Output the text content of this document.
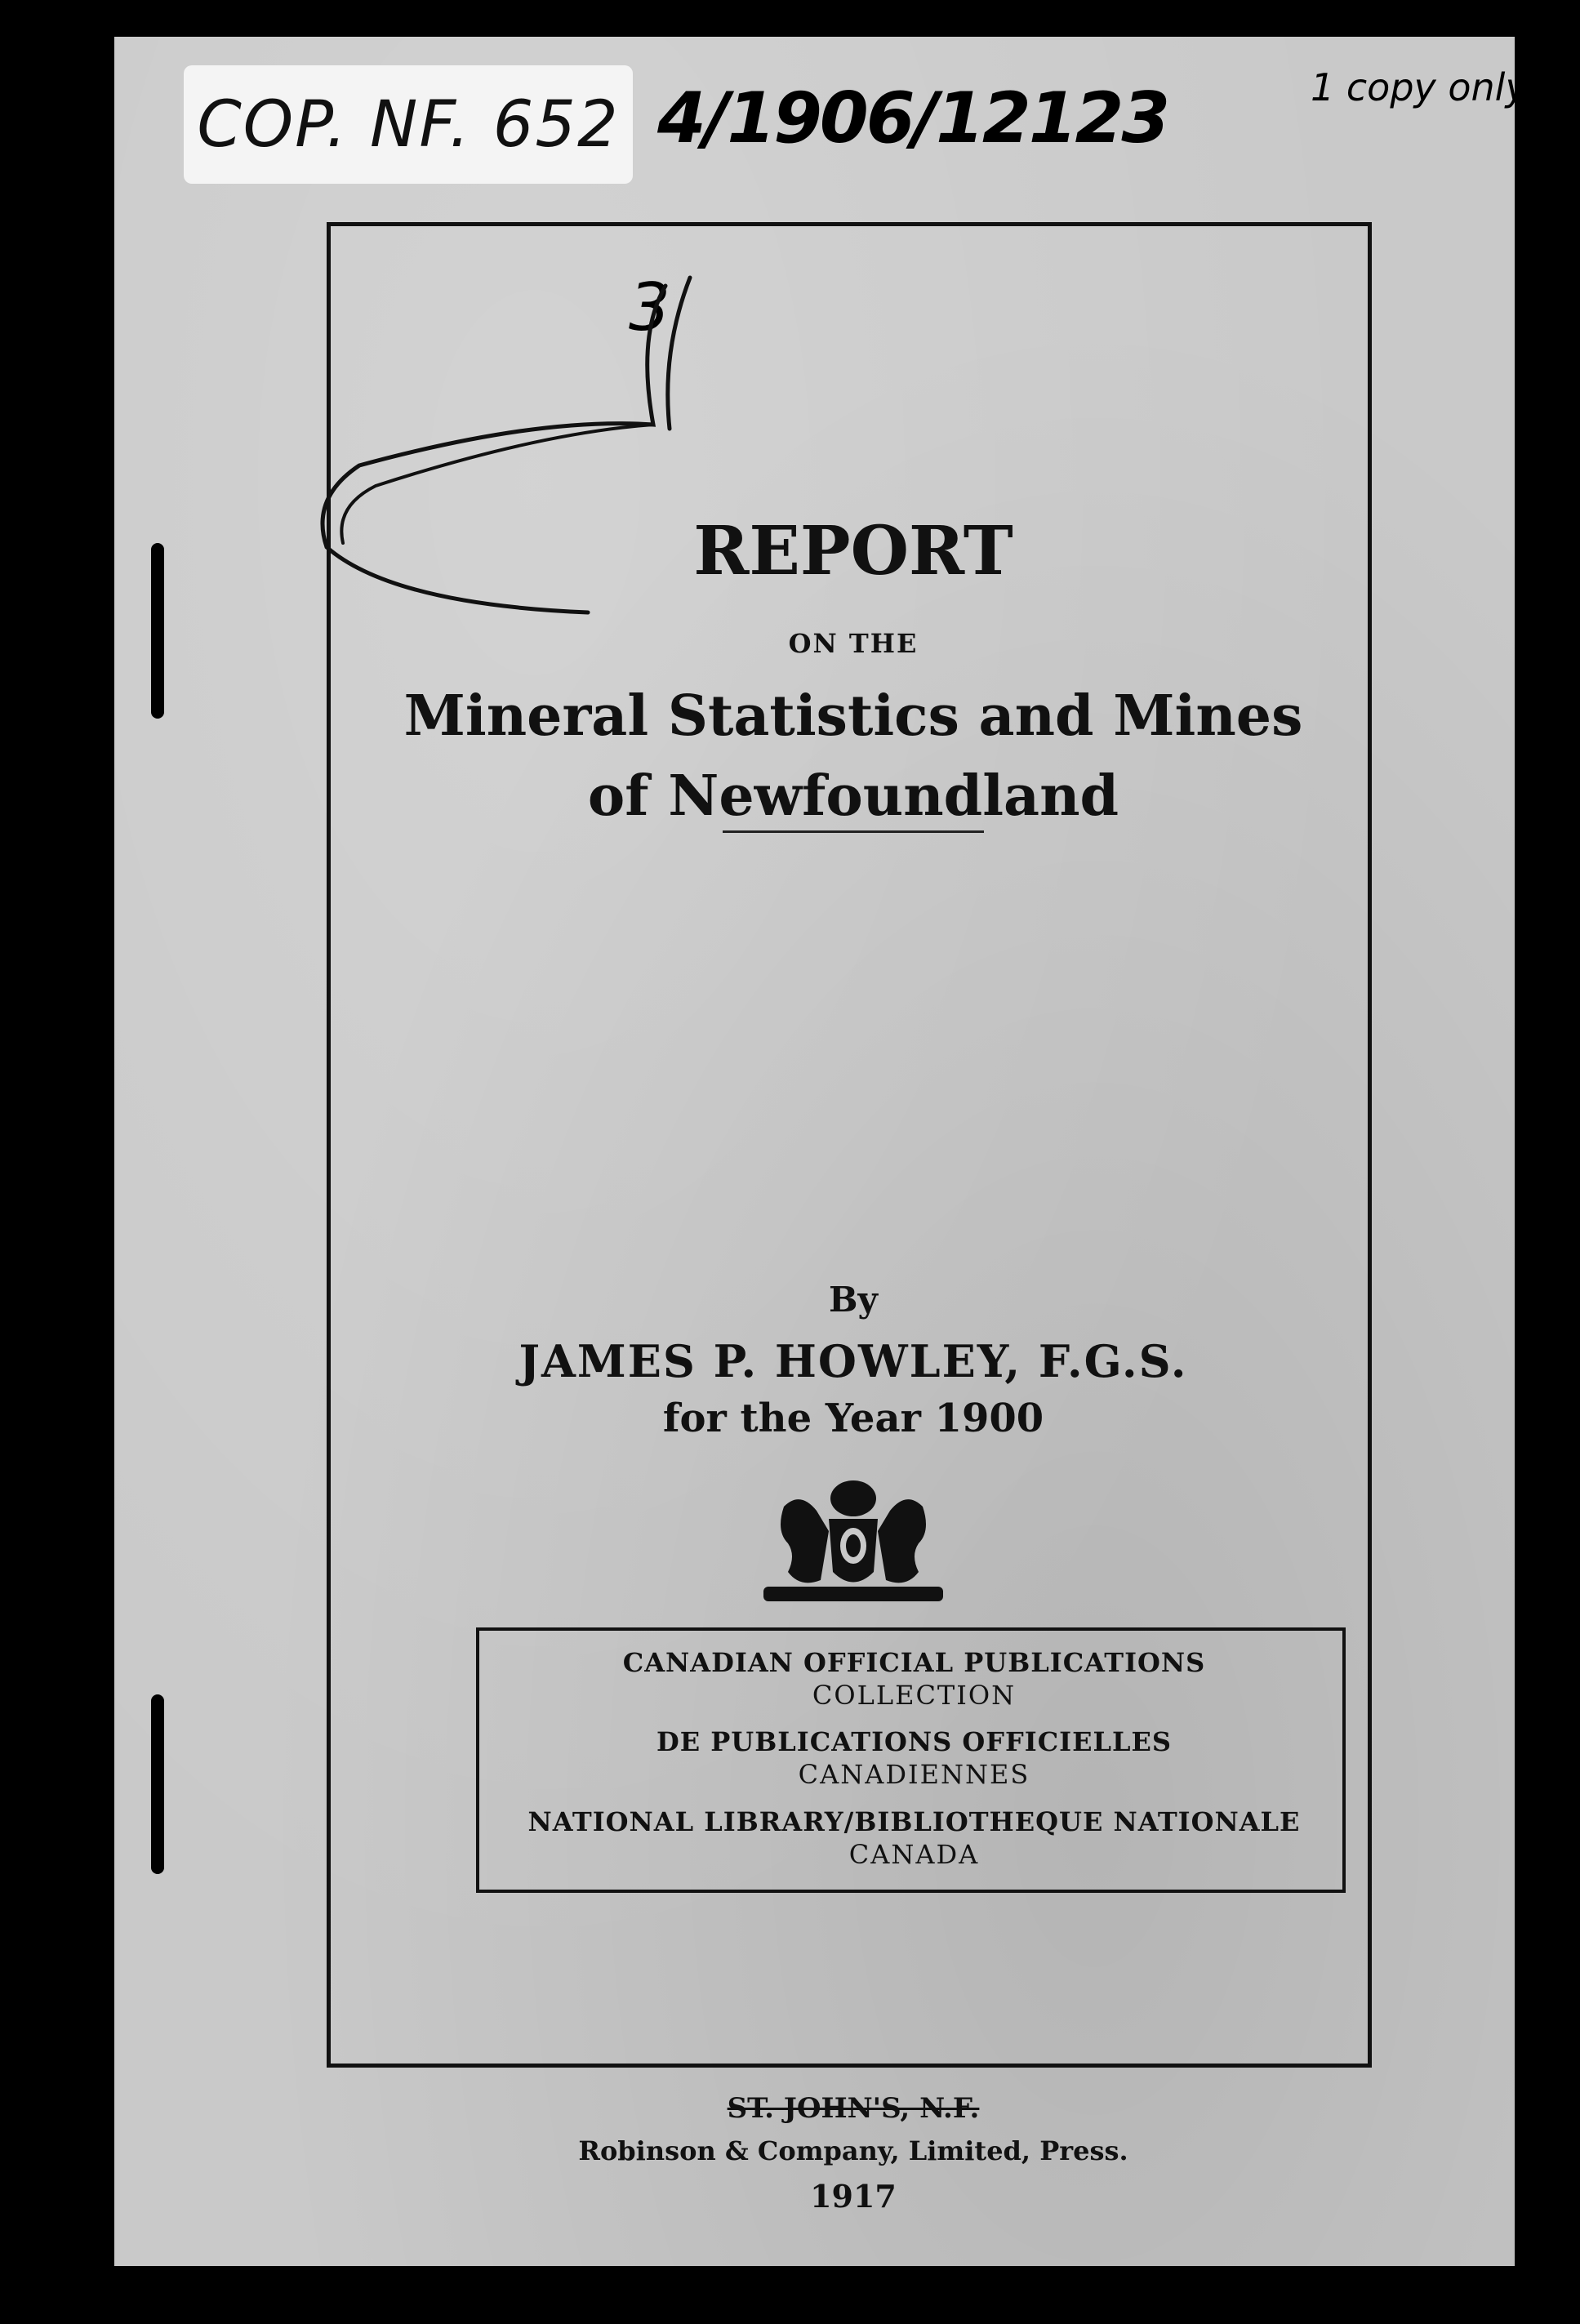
COP. NF. 652 4/1906/12123	1 copy only
REPORT
ON THE
Mineral Statistics and Mines
of Newfoundland
By
JAMES P. HOWLEY, F.G.S.
for the Year 1900
ST. JOHN'S, N.F.
Robinson & Company, Limited, Press.
1917
CANADIAN OFFICIAL PUBLICATIONS
COLLECTION
DE PUBLICATIONS OFFICIELLES
CANADIENNES
NATIONAL LIBRARY/BIBLIOTHEQUE NATIONALE
CANADA
3
